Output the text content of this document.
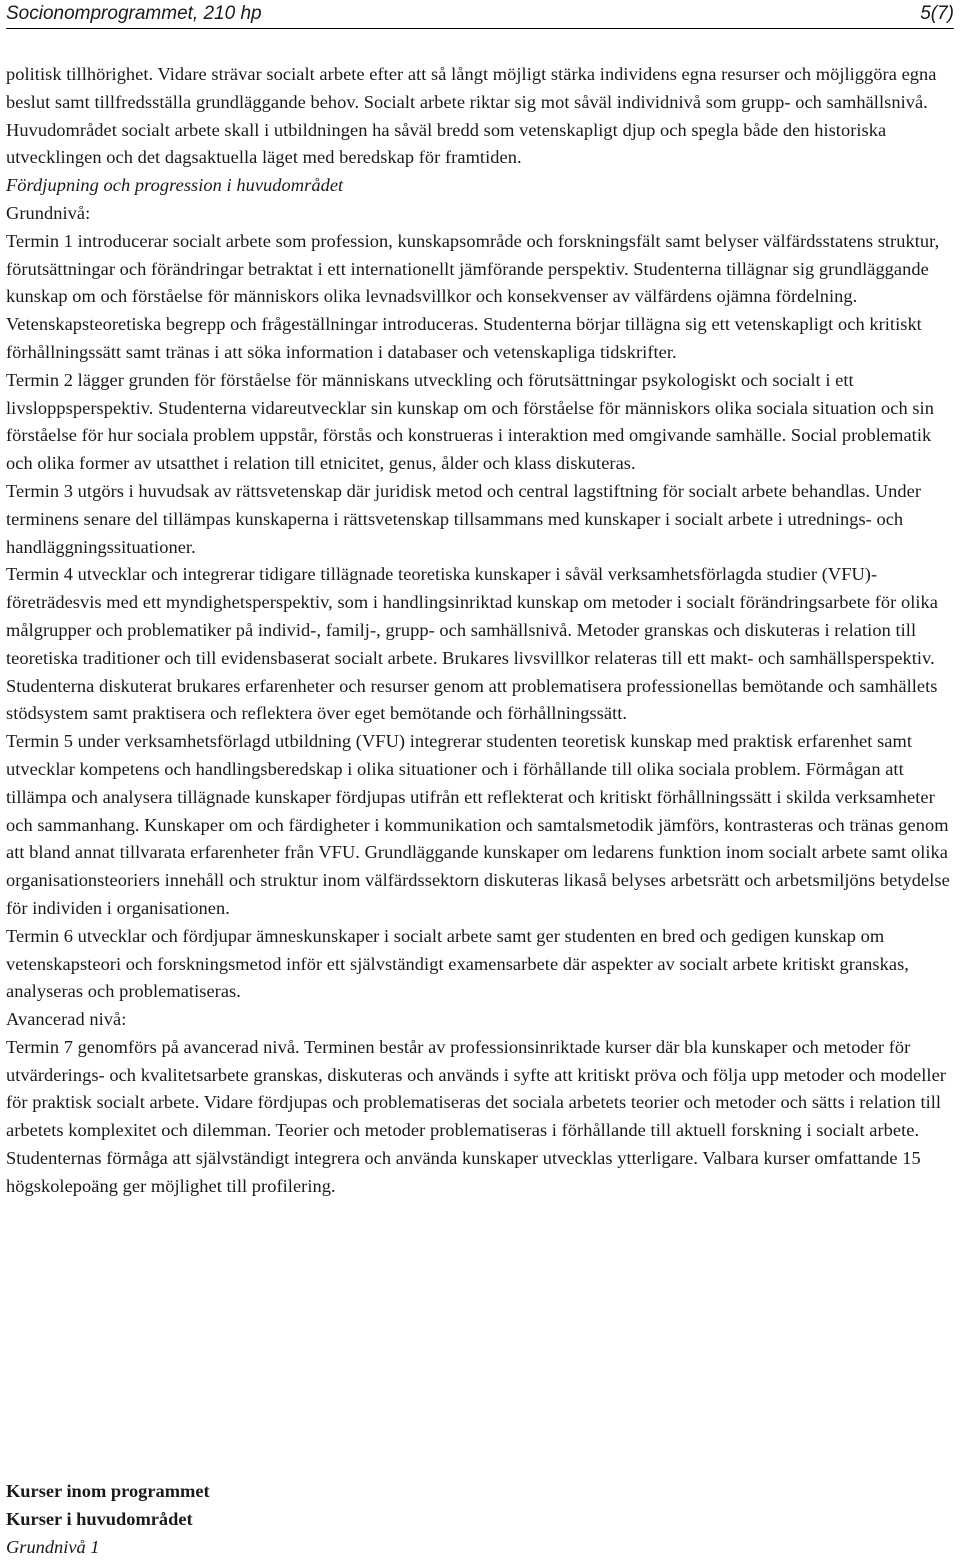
Socionomprogrammet, 210 hp	5(7)

politisk tillhörighet. Vidare strävar socialt arbete efter att så långt möjligt stärka individens egna resurser och möjliggöra egna beslut samt tillfredsställa grundläggande behov. Socialt arbete riktar sig mot såväl individnivå som grupp- och samhällsnivå.

Huvudområdet socialt arbete skall i utbildningen ha såväl bredd som vetenskapligt djup och spegla både den historiska utvecklingen och det dagsaktuella läget med beredskap för framtiden.

Fördjupning och progression i huvudområdet

Grundnivå:

Termin 1 introducerar socialt arbete som profession, kunskapsområde och forskningsfält samt belyser välfärdsstatens struktur, förutsättningar och förändringar betraktat i ett internationellt jämförande perspektiv. Studenterna tillägnar sig grundläggande kunskap om och förståelse för människors olika levnadsvillkor och konsekvenser av välfärdens ojämna fördelning. Vetenskapsteoretiska begrepp och frågeställningar introduceras. Studenterna börjar tillägna sig ett vetenskapligt och kritiskt förhållningssätt samt tränas i att söka information i databaser och vetenskapliga tidskrifter.

Termin 2 lägger grunden för förståelse för människans utveckling och förutsättningar psykologiskt och socialt i ett livsloppsperspektiv. Studenterna vidareutvecklar sin kunskap om och förståelse för människors olika sociala situation och sin förståelse för hur sociala problem uppstår, förstås och konstrueras i interaktion med omgivande samhälle. Social problematik och olika former av utsatthet i relation till etnicitet, genus, ålder och klass diskuteras.

Termin 3 utgörs i huvudsak av rättsvetenskap där juridisk metod och central lagstiftning för socialt arbete behandlas. Under terminens senare del tillämpas kunskaperna i rättsvetenskap tillsammans med kunskaper i socialt arbete i utrednings- och handläggningssituationer.

Termin 4 utvecklar och integrerar tidigare tillägnade teoretiska kunskaper i såväl verksamhetsförlagda studier (VFU)- företrädesvis med ett myndighetsperspektiv, som i handlingsinriktad kunskap om metoder i socialt förändringsarbete för olika målgrupper och problematiker på individ-, familj-, grupp- och samhällsnivå. Metoder granskas och diskuteras i relation till teoretiska traditioner och till evidensbaserat socialt arbete. Brukares livsvillkor relateras till ett makt- och samhällsperspektiv. Studenterna diskuterat brukares erfarenheter och resurser genom att problematisera professionellas bemötande och samhällets stödsystem samt praktisera och reflektera över eget bemötande och förhållningssätt.

Termin 5 under verksamhetsförlagd utbildning (VFU) integrerar studenten teoretisk kunskap med praktisk erfarenhet samt utvecklar kompetens och handlingsberedskap i olika situationer och i förhållande till olika sociala problem. Förmågan att tillämpa och analysera tillägnade kunskaper fördjupas utifrån ett reflekterat och kritiskt förhållningssätt i skilda verksamheter och sammanhang. Kunskaper om och färdigheter i kommunikation och samtalsmetodik jämförs, kontrasteras och tränas genom att bland annat tillvarata erfarenheter från VFU. Grundläggande kunskaper om ledarens funktion inom socialt arbete samt olika organisationsteoriers innehåll och struktur inom välfärdssektorn diskuteras likaså belyses arbetsrätt och arbetsmiljöns betydelse för individen i organisationen.

Termin 6 utvecklar och fördjupar ämneskunskaper i socialt arbete samt ger studenten en bred och gedigen kunskap om vetenskapsteori och forskningsmetod inför ett självständigt examensarbete där aspekter av socialt arbete kritiskt granskas, analyseras och problematiseras.

Avancerad nivå:

Termin 7 genomförs på avancerad nivå. Terminen består av professionsinriktade kurser där bla kunskaper och metoder för utvärderings- och kvalitetsarbete granskas, diskuteras och används i syfte att kritiskt pröva och följa upp metoder och modeller för praktisk socialt arbete. Vidare fördjupas och problematiseras det sociala arbetets teorier och metoder och sätts i relation till arbetets komplexitet och dilemman. Teorier och metoder problematiseras i förhållande till aktuell forskning i socialt arbete. Studenternas förmåga att självständigt integrera och använda kunskaper utvecklas ytterligare. Valbara kurser omfattande 15 högskolepoäng ger möjlighet till profilering.

Kurser inom programmet

Kurser i huvudområdet

Grundnivå 1
